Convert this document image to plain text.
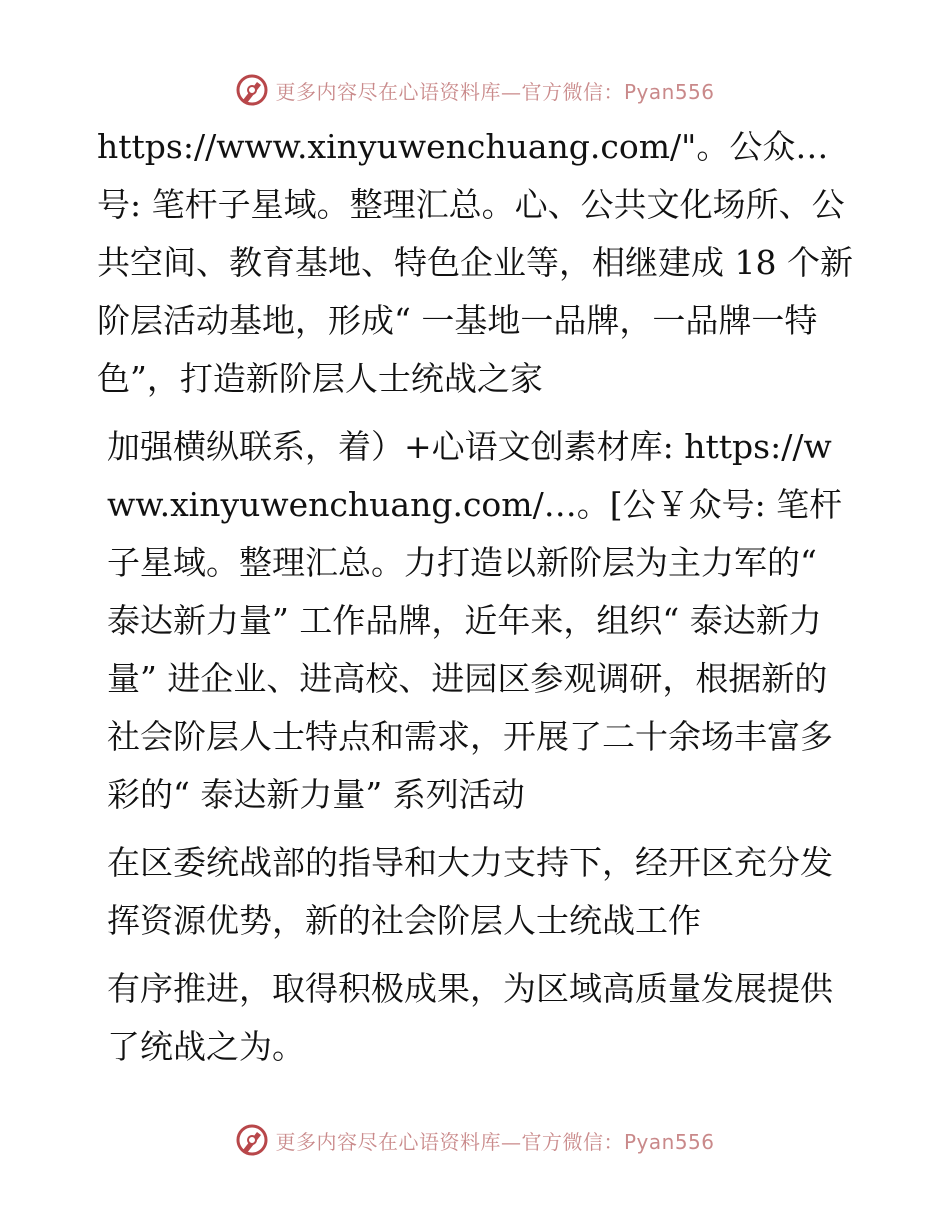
更多内容尽在心语资料库—官方微信：Pyan556

https://www.xinyuwenchuang.com/"。公众…号: 笔杆子星域。整理汇总。心、公共文化场所、公共空间、教育基地、特色企业等，相继建成 18 个新阶层活动基地，形成“ 一基地一品牌，一品牌一特色”，打造新阶层人士统战之家

加强横纵联系，着）+心语文创素材库: https://www.xinyuwenchuang.com/…。[公￥众号: 笔杆子星域。整理汇总。力打造以新阶层为主力军的“ 泰达新力量” 工作品牌，近年来，组织“ 泰达新力量” 进企业、进高校、进园区参观调研，根据新的社会阶层人士特点和需求，开展了二十余场丰富多彩的“ 泰达新力量” 系列活动

在区委统战部的指导和大力支持下，经开区充分发挥资源优势，新的社会阶层人士统战工作

有序推进，取得积极成果，为区域高质量发展提供了统战之为。

更多内容尽在心语资料库—官方微信：Pyan556
